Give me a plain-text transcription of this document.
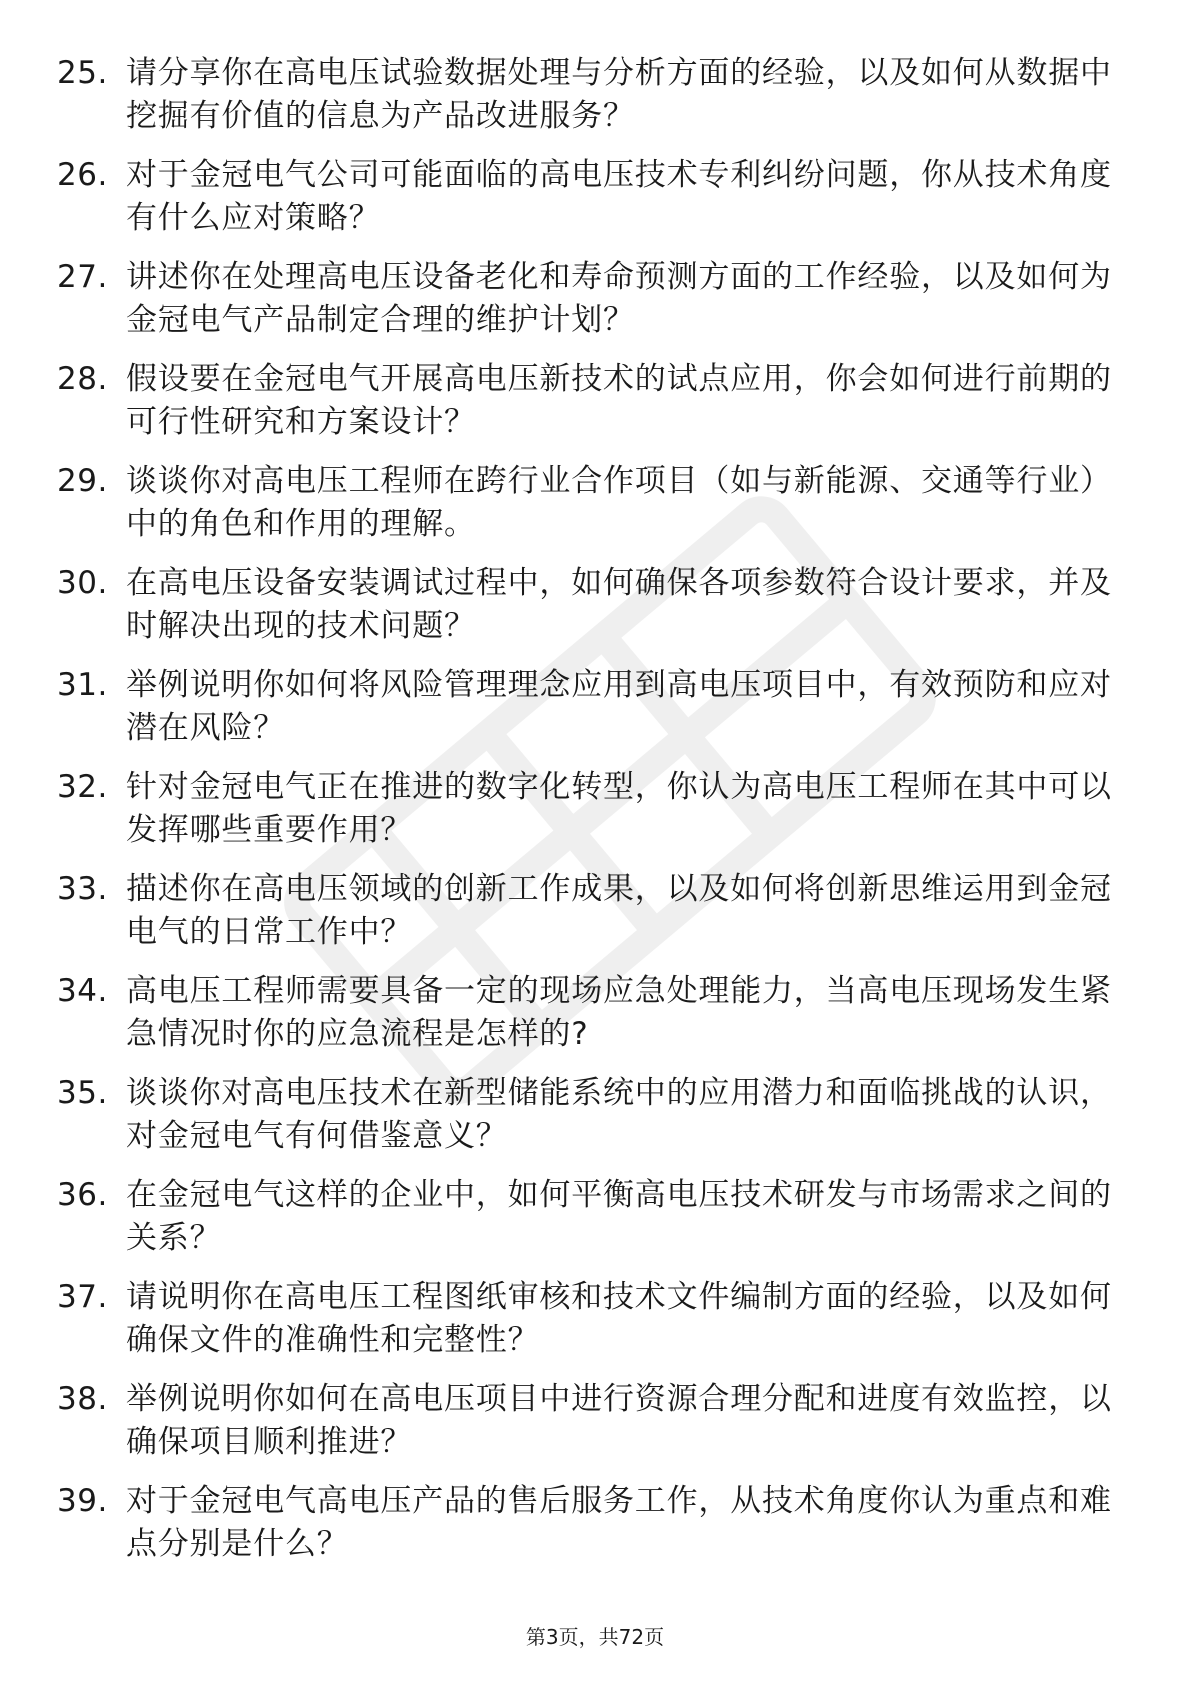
25. 请分享你在高电压试验数据处理与分析方面的经验，以及如何从数据中挖掘有价值的信息为产品改进服务？
26. 对于金冠电气公司可能面临的高电压技术专利纠纷问题，你从技术角度有什么应对策略？
27. 讲述你在处理高电压设备老化和寿命预测方面的工作经验，以及如何为金冠电气产品制定合理的维护计划？
28. 假设要在金冠电气开展高电压新技术的试点应用，你会如何进行前期的可行性研究和方案设计？
29. 谈谈你对高电压工程师在跨行业合作项目（如与新能源、交通等行业）中的角色和作用的理解。
30. 在高电压设备安装调试过程中，如何确保各项参数符合设计要求，并及时解决出现的技术问题？
31. 举例说明你如何将风险管理理念应用到高电压项目中，有效预防和应对潜在风险？
32. 针对金冠电气正在推进的数字化转型，你认为高电压工程师在其中可以发挥哪些重要作用？
33. 描述你在高电压领域的创新工作成果，以及如何将创新思维运用到金冠电气的日常工作中？
34. 高电压工程师需要具备一定的现场应急处理能力，当高电压现场发生紧急情况时你的应急流程是怎样的?
35. 谈谈你对高电压技术在新型储能系统中的应用潜力和面临挑战的认识，对金冠电气有何借鉴意义？
36. 在金冠电气这样的企业中，如何平衡高电压技术研发与市场需求之间的关系？
37. 请说明你在高电压工程图纸审核和技术文件编制方面的经验，以及如何确保文件的准确性和完整性？
38. 举例说明你如何在高电压项目中进行资源合理分配和进度有效监控，以确保项目顺利推进？
39. 对于金冠电气高电压产品的售后服务工作，从技术角度你认为重点和难点分别是什么？
第3页，共72页
